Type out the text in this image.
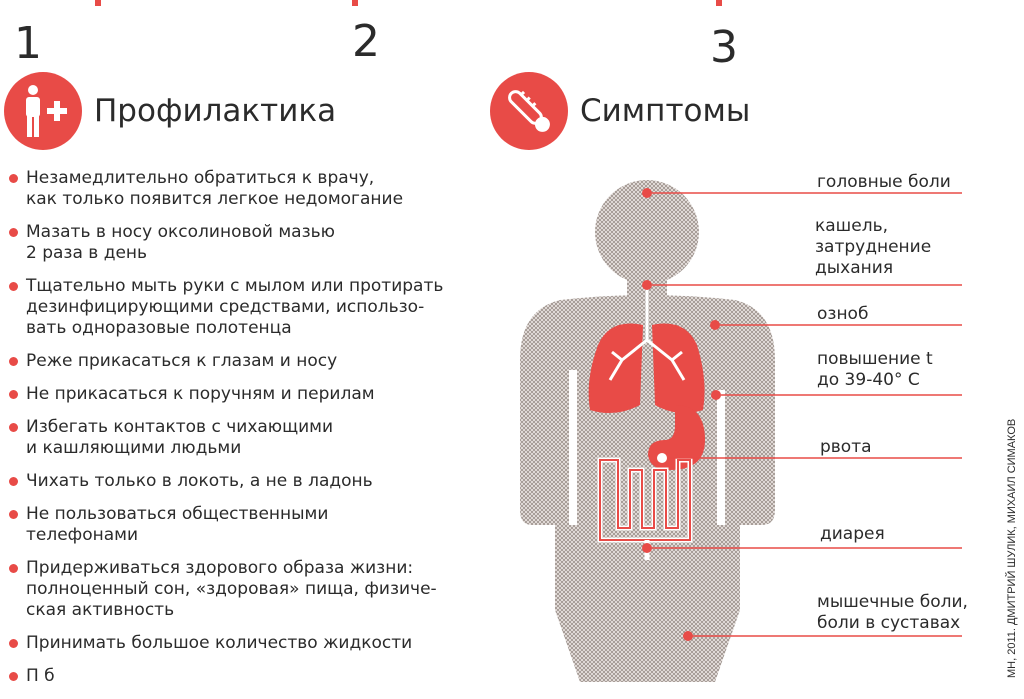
1	2	3
Профилактика
Незамедлительно обратиться к врачу,
как только появится легкое недомогание
Мазать в носу оксолиновой мазью
2 раза в день
Тщательно мыть руки с мылом или протирать
дезинфицирующими средствами, использо-
вать одноразовые полотенца
Реже прикасаться к глазам и носу
Не прикасаться к поручням и перилам
Избегать контактов с чихающими
и кашляющими людьми
Чихать только в локоть, а не в ладонь
Не пользоваться общественными
телефонами
Придерживаться здорового образа жизни:
полноценный сон, «здоровая» пища, физиче-
ская активность
Принимать большое количество жидкости
П б
Симптомы
головные боли
кашель,
затруднение
дыхания
озноб
повышение t
до 39-40° С
рвота
диарея
мышечные боли,
боли в суставах	МН, 2011. ДМИТРИЙ ШУЛИК, МИХАИЛ СИМАКОВ
